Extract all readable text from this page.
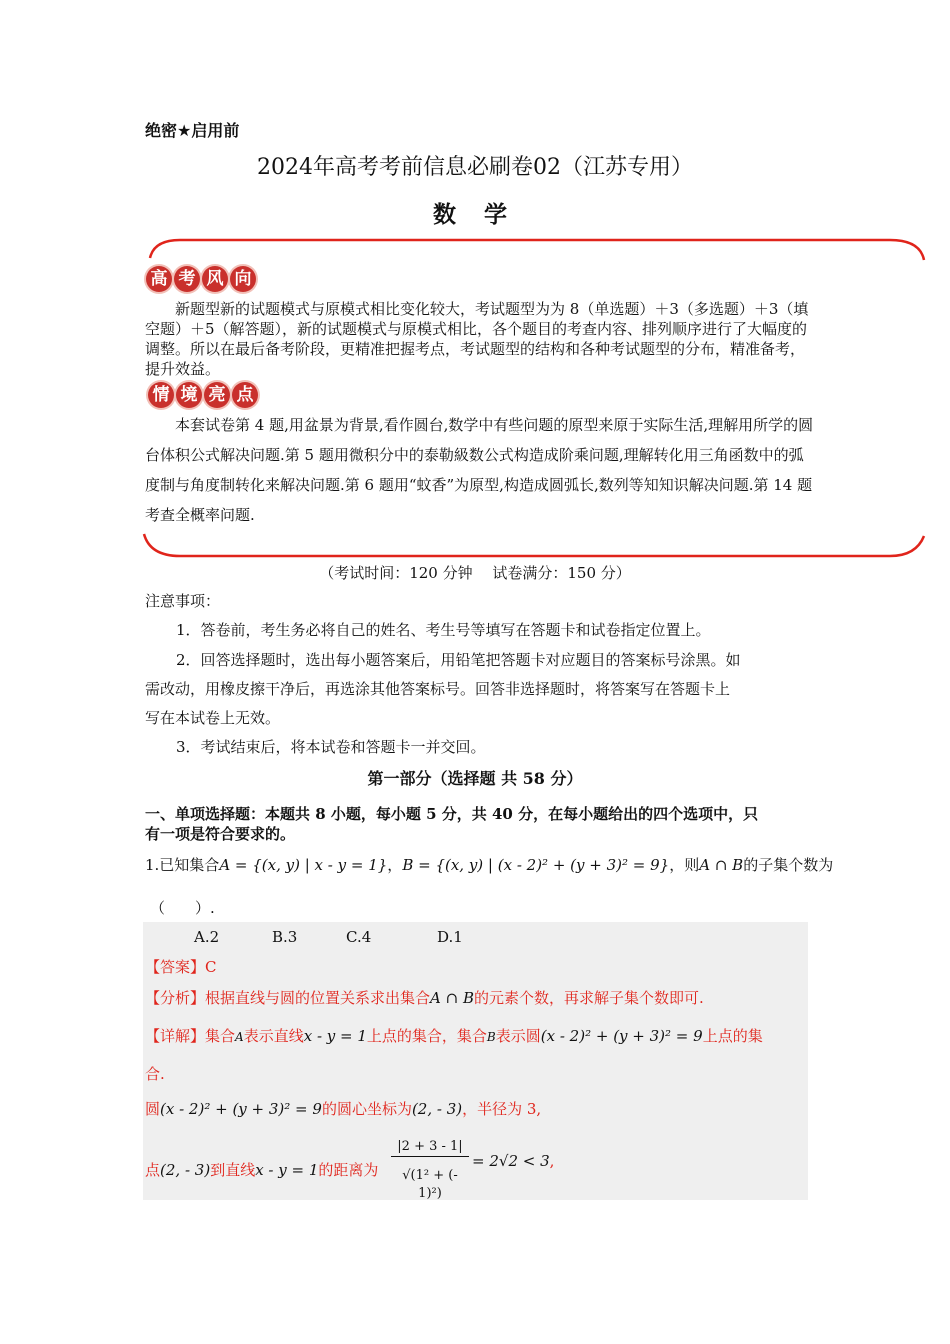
绝密★启用前
2024年高考考前信息必刷卷02（江苏专用）
数 学
高 考 风 向
新题型新的试题模式与原模式相比变化较大，考试题型为为 8（单选题）＋3（多选题）＋3（填空题）＋5（解答题），新的试题模式与原模式相比，各个题目的考查内容、排列顺序进行了大幅度的调整。所以在最后备考阶段，更精准把握考点，考试题型的结构和各种考试题型的分布，精准备考，提升效益。
情 境 亮 点
本套试卷第 4 题,用盆景为背景,看作圆台,数学中有些问题的原型来原于实际生活,理解用所学的圆台体积公式解决问题.第 5 题用微积分中的泰勒級数公式构造成阶乘问题,理解转化用三角函数中的弧度制与角度制转化来解决问题.第 6 题用“蚊香”为原型,构造成圆弧长,数列等知知识解决问题.第 14 题考查全概率问题.
（考试时间：120 分钟　 试卷满分：150 分）
注意事项：
1．答卷前，考生务必将自己的姓名、考生号等填写在答题卡和试卷指定位置上。
2．回答选择题时，选出每小题答案后，用铅笔把答题卡对应题目的答案标号涂黑。如
需改动，用橡皮擦干净后，再选涂其他答案标号。回答非选择题时，将答案写在答题卡上
写在本试卷上无效。
3．考试结束后，将本试卷和答题卡一并交回。
第一部分（选择题 共 58 分）
一、单项选择题：本题共 8 小题，每小题 5 分，共 40 分，在每小题给出的四个选项中，只
有一项是符合要求的。
1.已知集合A = {(x, y) | x - y = 1}，B = {(x, y) | (x - 2)² + (y + 3)² = 9}，则A ∩ B的子集个数为
（　　）.
A.2	B.3	C.4	D.1
【答案】C
【分析】根据直线与圆的位置关系求出集合A ∩ B的元素个数，再求解子集个数即可.
【详解】集合A表示直线x - y = 1上点的集合，集合B表示圆(x - 2)² + (y + 3)² = 9上点的集
合.
圆(x - 2)² + (y + 3)² = 9的圆心坐标为(2, - 3)，半径为 3,
点(2, - 3)到直线x - y = 1的距离为
|2 + 3 - 1|
√(1² + (- 1)²)
= 2√2 < 3,
